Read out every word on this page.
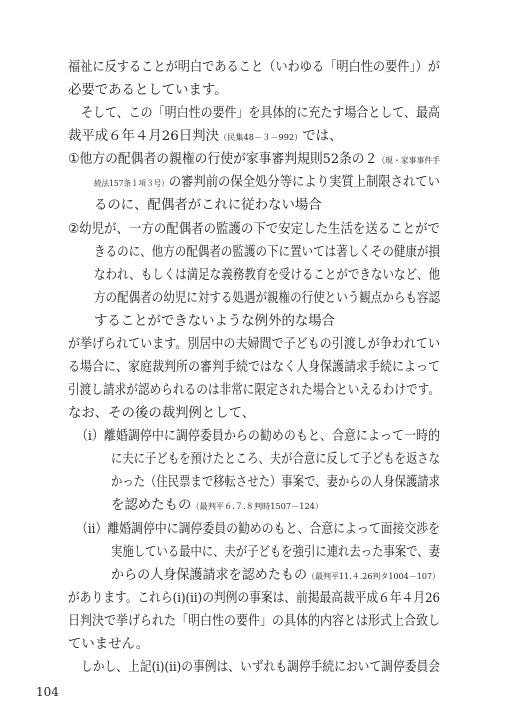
福祉に反することが明白であること（いわゆる「明白性の要件」）が
必要であるとしています。
そして、この「明白性の要件」を具体的に充たす場合として、最高
裁平成６年４月26日判決 （民集48－３－992） では、
① 他方の配偶者の親権の行使が家事審判規則52条の２ （現・家事事件手
続法157条１項３号） の審判前の保全処分等により実質上制限されてい
るのに、配偶者がこれに従わない場合
② 幼児が、一方の配偶者の監護の下で安定した生活を送ることがで
きるのに、他方の配偶者の監護の下に置いては著しくその健康が損
なわれ、もしくは満足な義務教育を受けることができないなど、他
方の配偶者の幼児に対する処遇が親権の行使という観点からも容認
することができないような例外的な場合
が挙げられています。別居中の夫婦間で子どもの引渡しが争われてい
る場合に、家庭裁判所の審判手続ではなく人身保護請求手続によって
引渡し請求が認められるのは非常に限定された場合といえるわけです。
なお、その後の裁判例として、
（i） 離婚調停中に調停委員からの勧めのもと、合意によって一時的
に夫に子どもを預けたところ、夫が合意に反して子どもを返さな
かった（住民票まで移転させた）事案で、妻からの人身保護請求
を認めたもの （最判平６.７.８判時1507－124）
（ii） 離婚調停中に調停委員の勧めのもと、合意によって面接交渉を
実施している最中に、夫が子どもを強引に連れ去った事案で、妻
からの人身保護請求を認めたもの （最判平11.４.26判タ1004－107）
があります。これら(ⅰ)(ⅱ)の判例の事案は、前掲最高裁平成６年４月26
日判決で挙げられた「明白性の要件」の具体的内容とは形式上合致し
ていません。
しかし、上記(ⅰ)(ⅱ)の事例は、いずれも調停手続において調停委員会
104
